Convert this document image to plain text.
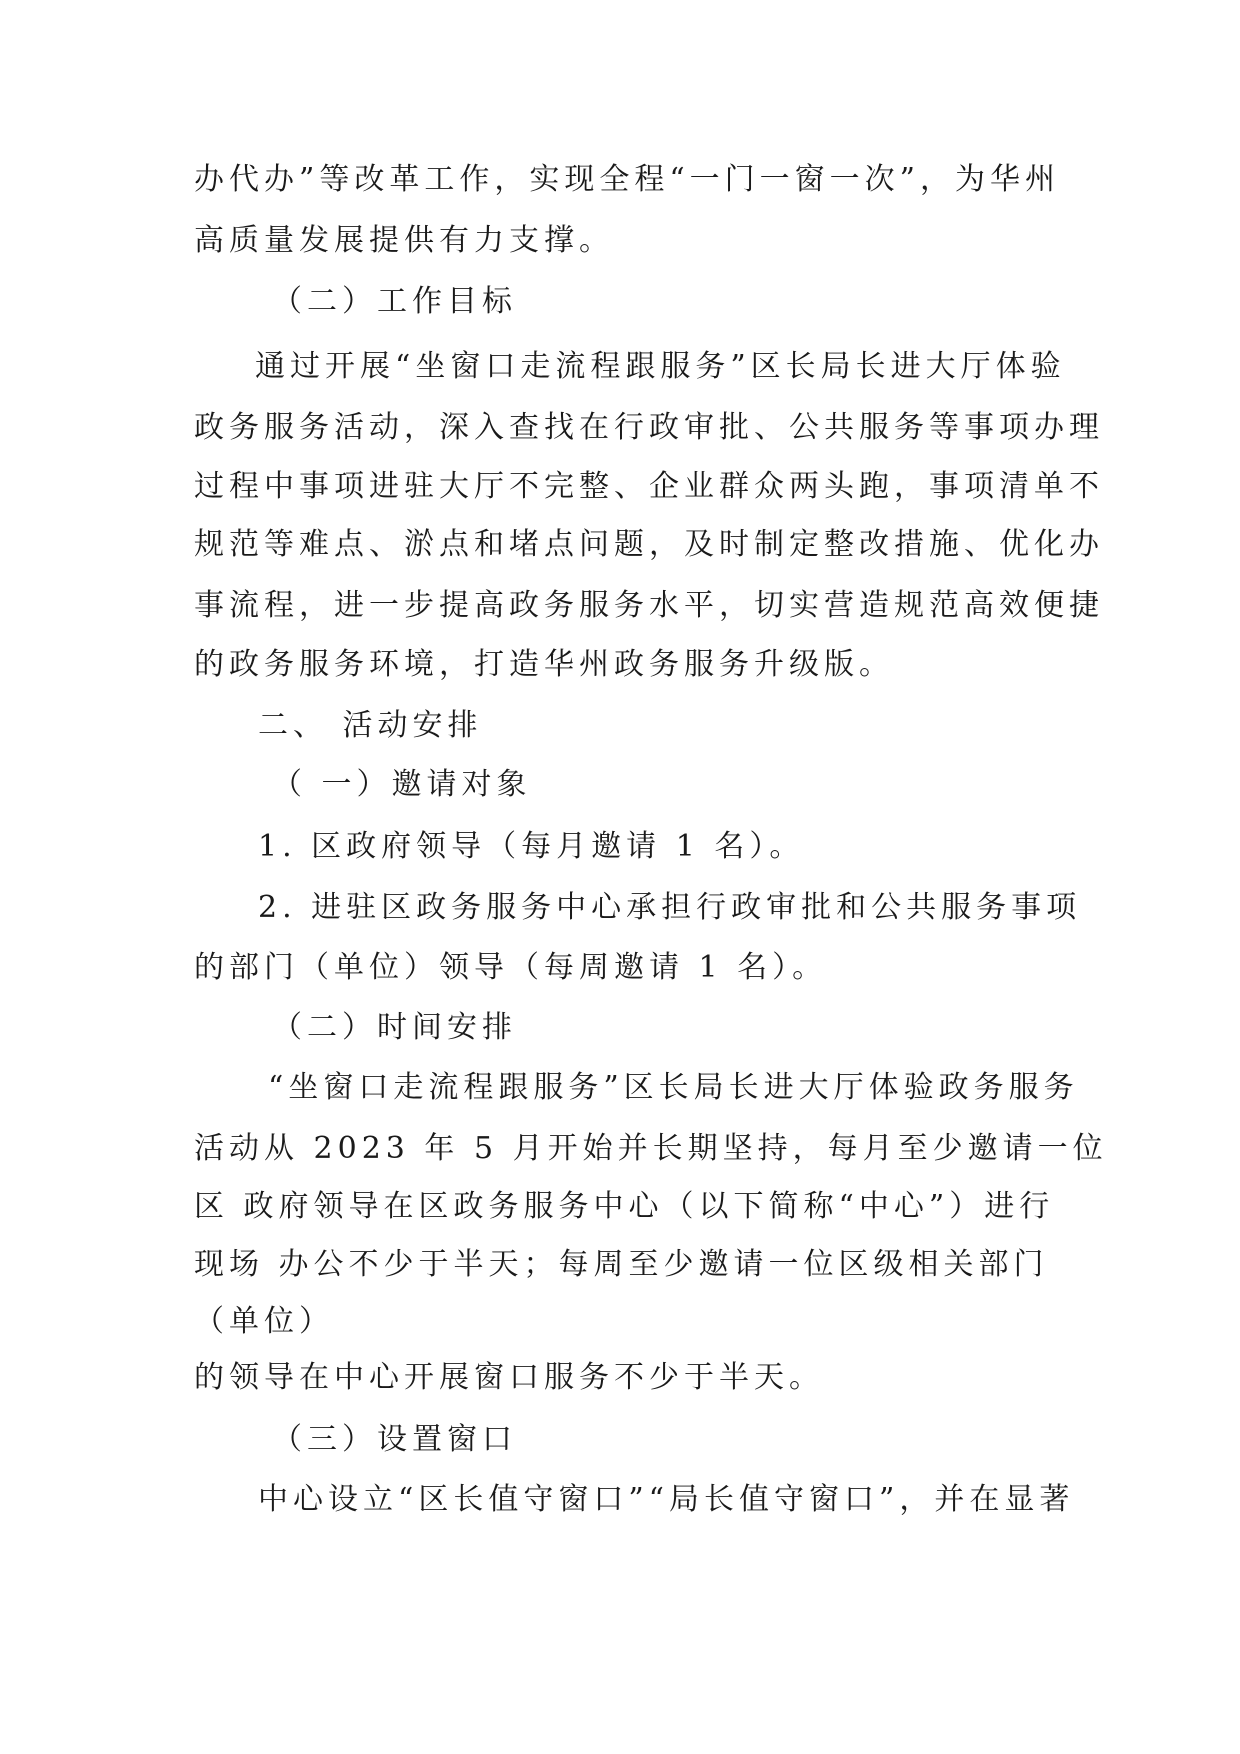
办代办”等改革工作，实现全程“一门一窗一次”，为华州
高质量发展提供有力支撑。
（二）工作目标
通过开展“坐窗口走流程跟服务”区长局长进大厅体验
政务服务活动，深入查找在行政审批、公共服务等事项办理
过程中事项进驻大厅不完整、企业群众两头跑，事项清单不
规范等难点、淤点和堵点问题，及时制定整改措施、优化办
事流程，进一步提高政务服务水平，切实营造规范高效便捷
的政务服务环境，打造华州政务服务升级版。
二、 活动安排
（ 一）邀请对象
1. 区政府领导（每月邀请 1 名）。
2. 进驻区政务服务中心承担行政审批和公共服务事项
的部门（单位）领导（每周邀请 1 名）。
（二）时间安排
“坐窗口走流程跟服务”区长局长进大厅体验政务服务
活动从 2023 年 5 月开始并长期坚持，每月至少邀请一位
区 政府领导在区政务服务中心（以下简称“中心”）进行
现场 办公不少于半天；每周至少邀请一位区级相关部门
（单位）
的领导在中心开展窗口服务不少于半天。
（三）设置窗口
中心设立“区长值守窗口”“局长值守窗口”，并在显著
